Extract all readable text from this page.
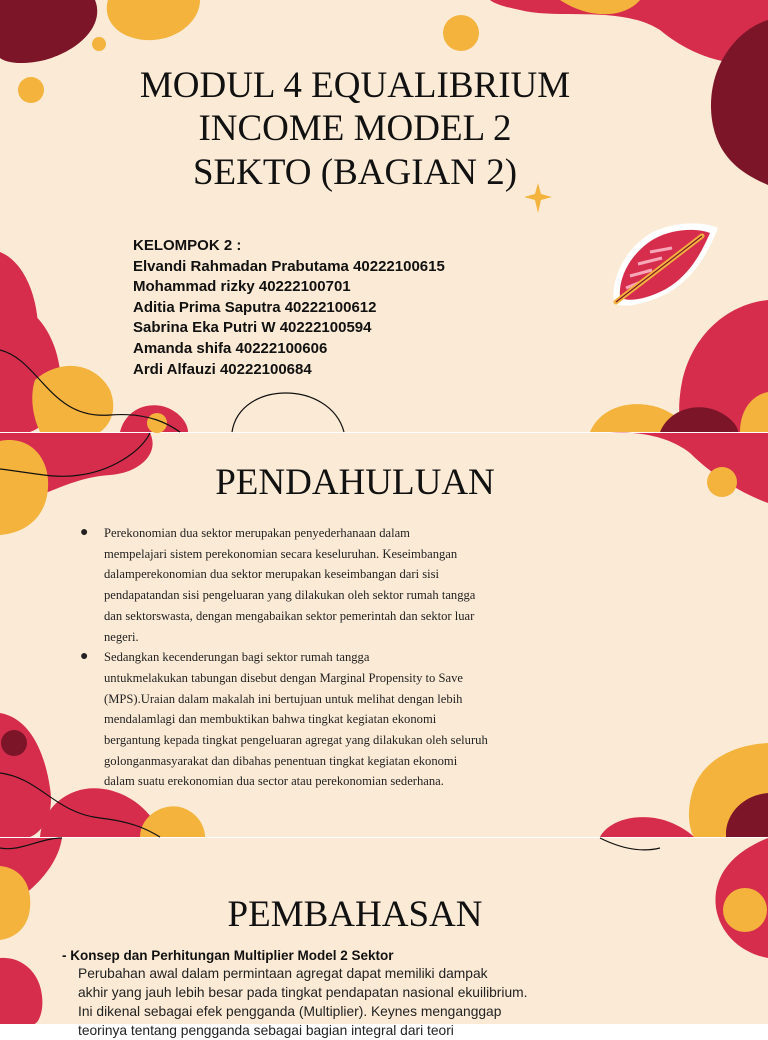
MODUL 4 EQUALIBRIUM
INCOME MODEL 2
SEKTO (BAGIAN 2)
KELOMPOK 2 :
Elvandi Rahmadan Prabutama 40222100615
Mohammad rizky 40222100701
Aditia Prima Saputra 40222100612
Sabrina Eka Putri W 40222100594
Amanda shifa 40222100606
Ardi Alfauzi 40222100684
PENDAHULUAN
● Perekonomian dua sektor merupakan penyederhanaan dalam
mempelajari sistem perekonomian secara keseluruhan. Keseimbangan
dalamperekonomian dua sektor merupakan keseimbangan dari sisi
pendapatandan sisi pengeluaran yang dilakukan oleh sektor rumah tangga
dan sektorswasta, dengan mengabaikan sektor pemerintah dan sektor luar
negeri.
● Sedangkan kecenderungan bagi sektor rumah tangga
untukmelakukan tabungan disebut dengan Marginal Propensity to Save
(MPS).Uraian dalam makalah ini bertujuan untuk melihat dengan lebih
mendalamlagi dan membuktikan bahwa tingkat kegiatan ekonomi
bergantung kepada tingkat pengeluaran agregat yang dilakukan oleh seluruh
golonganmasyarakat dan dibahas penentuan tingkat kegiatan ekonomi
dalam suatu erekonomian dua sector atau perekonomian sederhana.
PEMBAHASAN

- Konsep dan Perhitungan Multiplier Model 2 Sektor

Perubahan awal dalam permintaan agregat dapat memiliki dampak
akhir yang jauh lebih besar pada tingkat pendapatan nasional ekuilibrium.
Ini dikenal sebagai efek pengganda (Multiplier). Keynes menganggap
teorinya tentang pengganda sebagai bagian integral dari teori
